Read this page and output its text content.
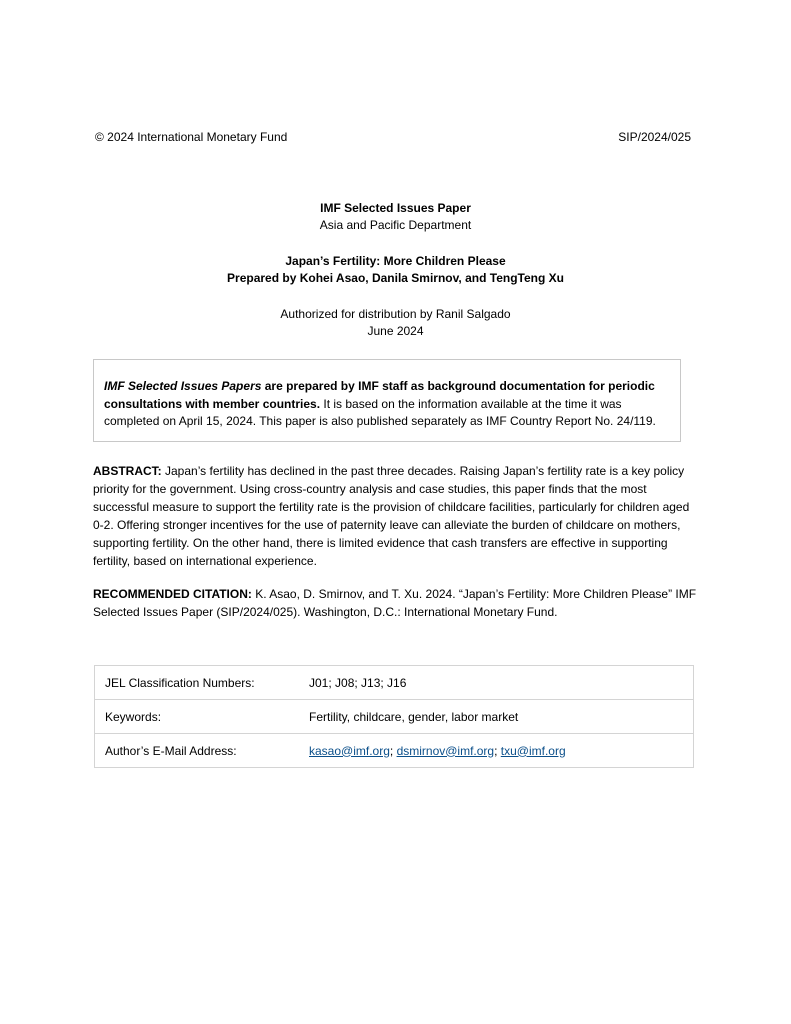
© 2024 International Monetary Fund	SIP/2024/025
IMF Selected Issues Paper
Asia and Pacific Department
Japan’s Fertility: More Children Please
Prepared by Kohei Asao, Danila Smirnov, and TengTeng Xu
Authorized for distribution by Ranil Salgado
June 2024

IMF Selected Issues Papers are prepared by IMF staff as background documentation for periodic consultations with member countries. It is based on the information available at the time it was completed on April 15, 2024. This paper is also published separately as IMF Country Report No. 24/119.

ABSTRACT: Japan’s fertility has declined in the past three decades. Raising Japan’s fertility rate is a key policy priority for the government. Using cross-country analysis and case studies, this paper finds that the most successful measure to support the fertility rate is the provision of childcare facilities, particularly for children aged 0-2. Offering stronger incentives for the use of paternity leave can alleviate the burden of childcare on mothers, supporting fertility. On the other hand, there is limited evidence that cash transfers are effective in supporting fertility, based on international experience.

RECOMMENDED CITATION: K. Asao, D. Smirnov, and T. Xu. 2024. “Japan’s Fertility: More Children Please” IMF Selected Issues Paper (SIP/2024/025). Washington, D.C.: International Monetary Fund.

JEL Classification Numbers:	J01; J08; J13; J16
Keywords:	Fertility, childcare, gender, labor market
Author’s E-Mail Address:	kasao@imf.org; dsmirnov@imf.org; txu@imf.org
